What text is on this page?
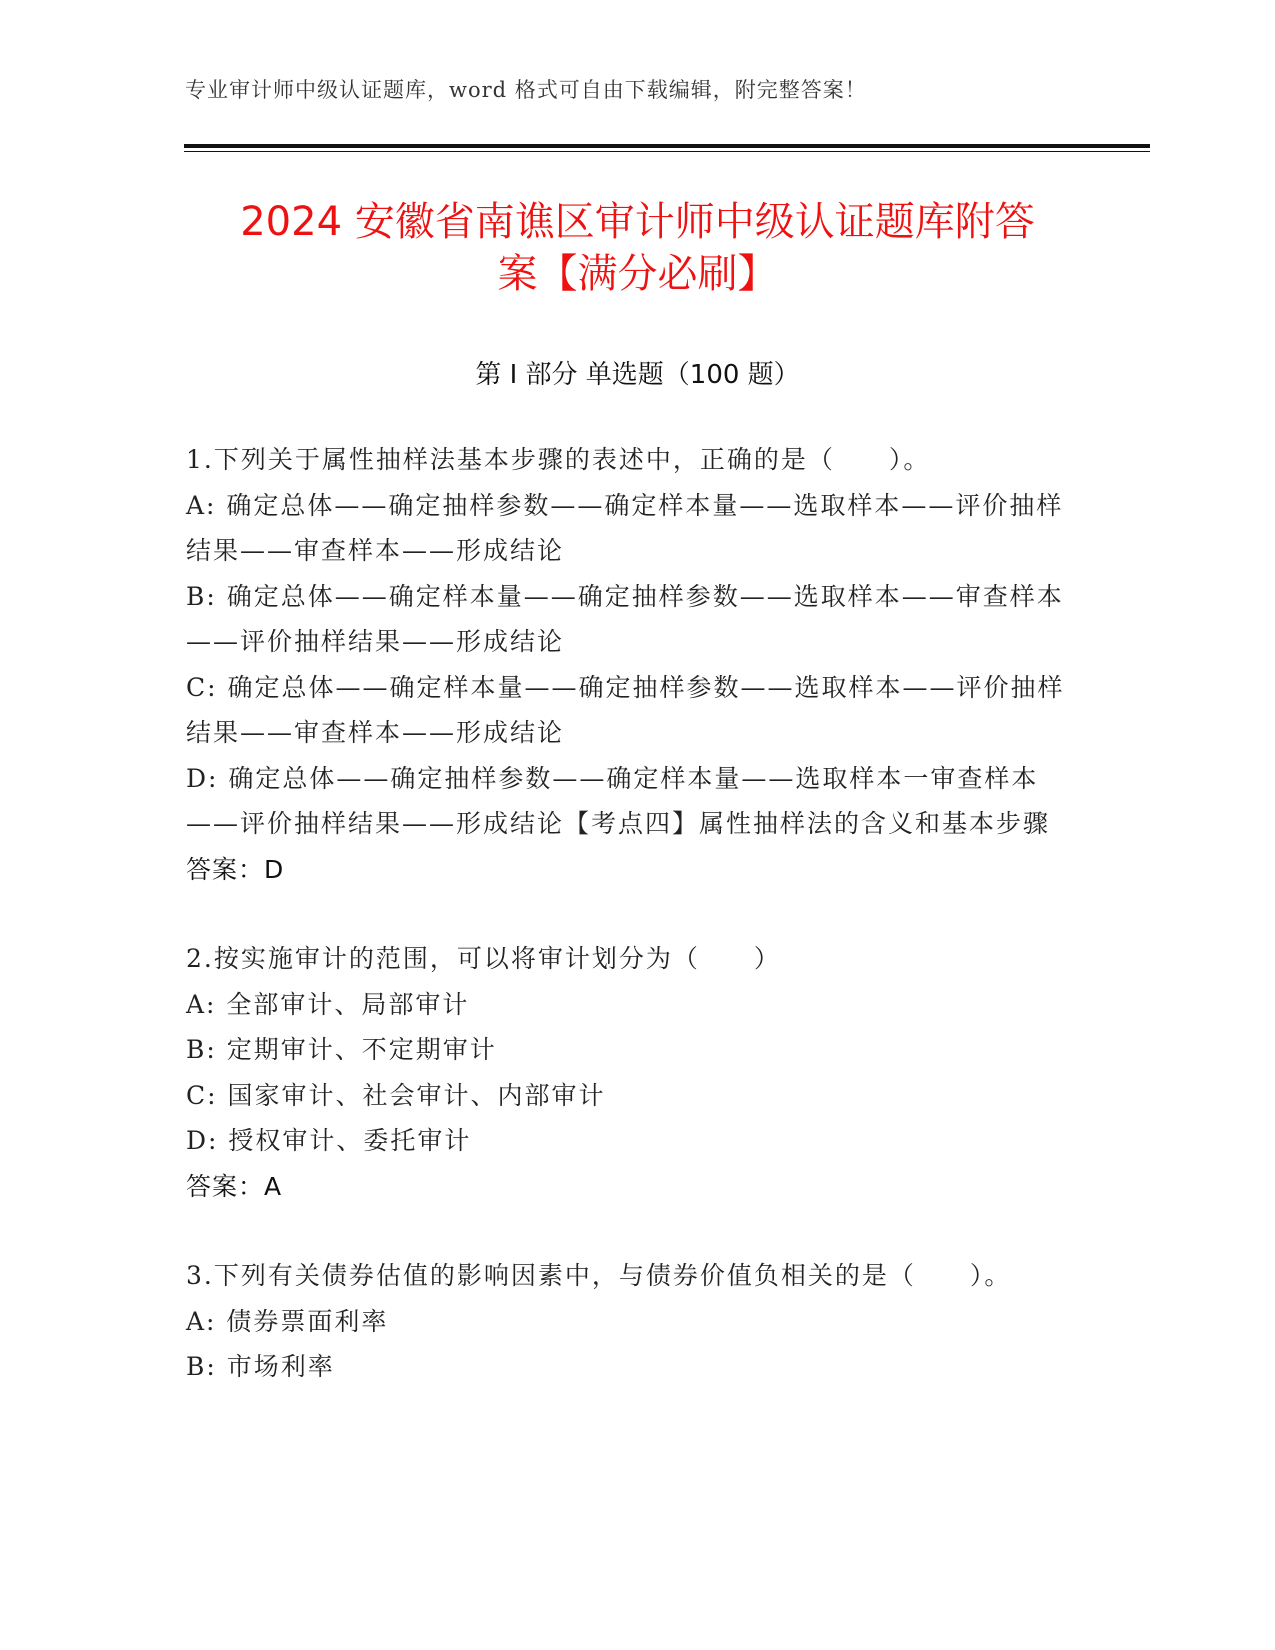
专业审计师中级认证题库，word 格式可自由下载编辑，附完整答案！
2024 安徽省南谯区审计师中级认证题库附答
案【满分必刷】
第 I 部分 单选题（100 题）
1.下列关于属性抽样法基本步骤的表述中，正确的是（　　）。
A: 确定总体——确定抽样参数——确定样本量——选取样本——评价抽样结果——审查样本——形成结论
B: 确定总体——确定样本量——确定抽样参数——选取样本——审查样本——评价抽样结果——形成结论
C: 确定总体——确定样本量——确定抽样参数——选取样本——评价抽样结果——审查样本——形成结论
D: 确定总体——确定抽样参数——确定样本量——选取样本一审查样本——评价抽样结果——形成结论【考点四】属性抽样法的含义和基本步骤
答案：D
2.按实施审计的范围，可以将审计划分为（　　）
A: 全部审计、局部审计
B: 定期审计、不定期审计
C: 国家审计、社会审计、内部审计
D: 授权审计、委托审计
答案：A
3.下列有关债券估值的影响因素中，与债券价值负相关的是（　　）。
A: 债券票面利率
B: 市场利率
